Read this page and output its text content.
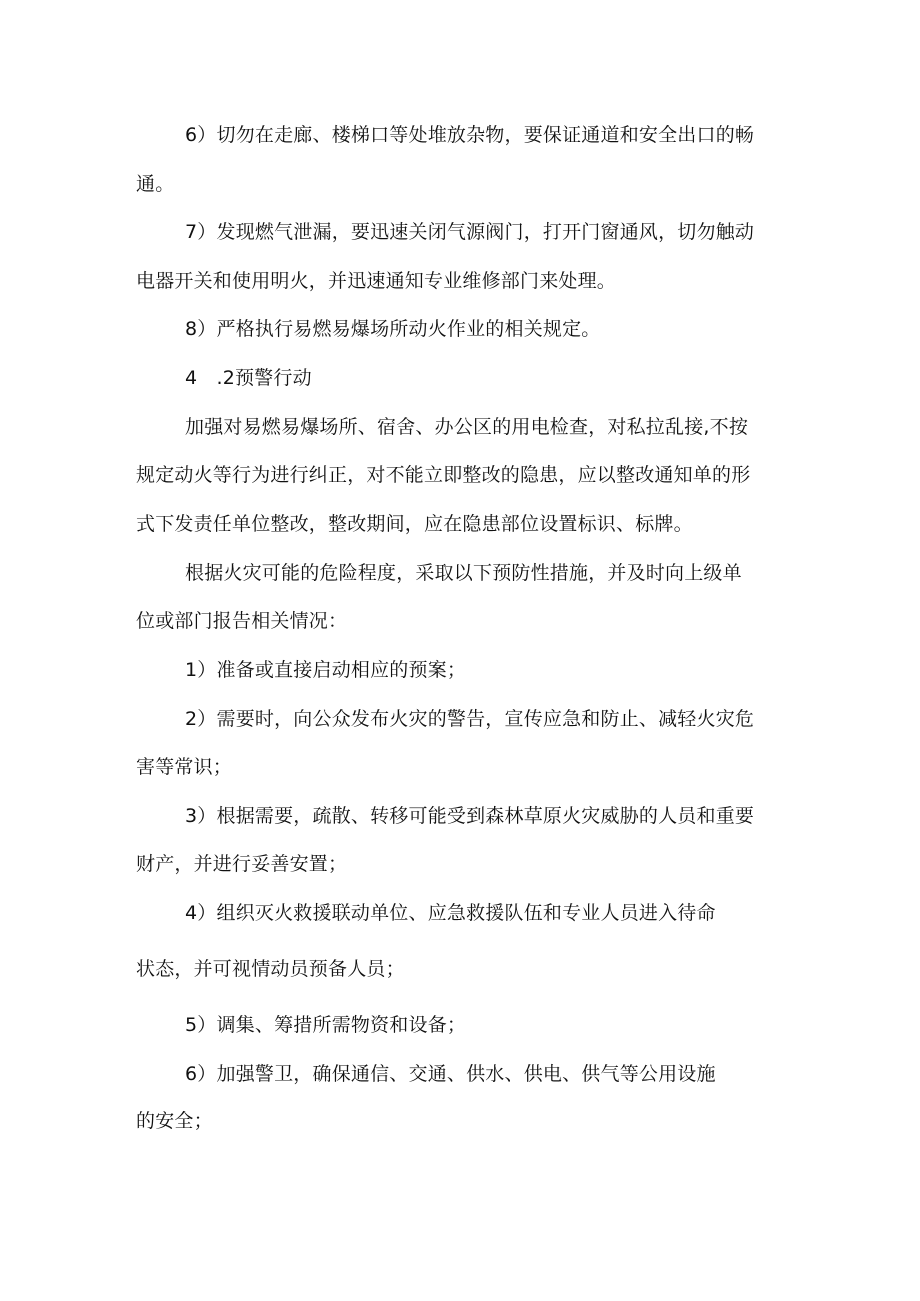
6）切勿在走廊、楼梯口等处堆放杂物，要保证通道和安全出口的畅
通。
7）发现燃气泄漏，要迅速关闭气源阀门，打开门窗通风，切勿触动
电器开关和使用明火，并迅速通知专业维修部门来处理。
8）严格执行易燃易爆场所动火作业的相关规定。
4　.2预警行动
加强对易燃易爆场所、宿舍、办公区的用电检查，对私拉乱接,不按
规定动火等行为进行纠正，对不能立即整改的隐患，应以整改通知单的形
式下发责任单位整改，整改期间，应在隐患部位设置标识、标牌。
根据火灾可能的危险程度，采取以下预防性措施，并及时向上级单
位或部门报告相关情况：
1）准备或直接启动相应的预案；
2）需要时，向公众发布火灾的警告，宣传应急和防止、减轻火灾危
害等常识；
3）根据需要，疏散、转移可能受到森林草原火灾威胁的人员和重要
财产，并进行妥善安置；
4）组织灭火救援联动单位、应急救援队伍和专业人员进入待命
状态，并可视情动员预备人员；
5）调集、筹措所需物资和设备；
6）加强警卫，确保通信、交通、供水、供电、供气等公用设施
的安全；
